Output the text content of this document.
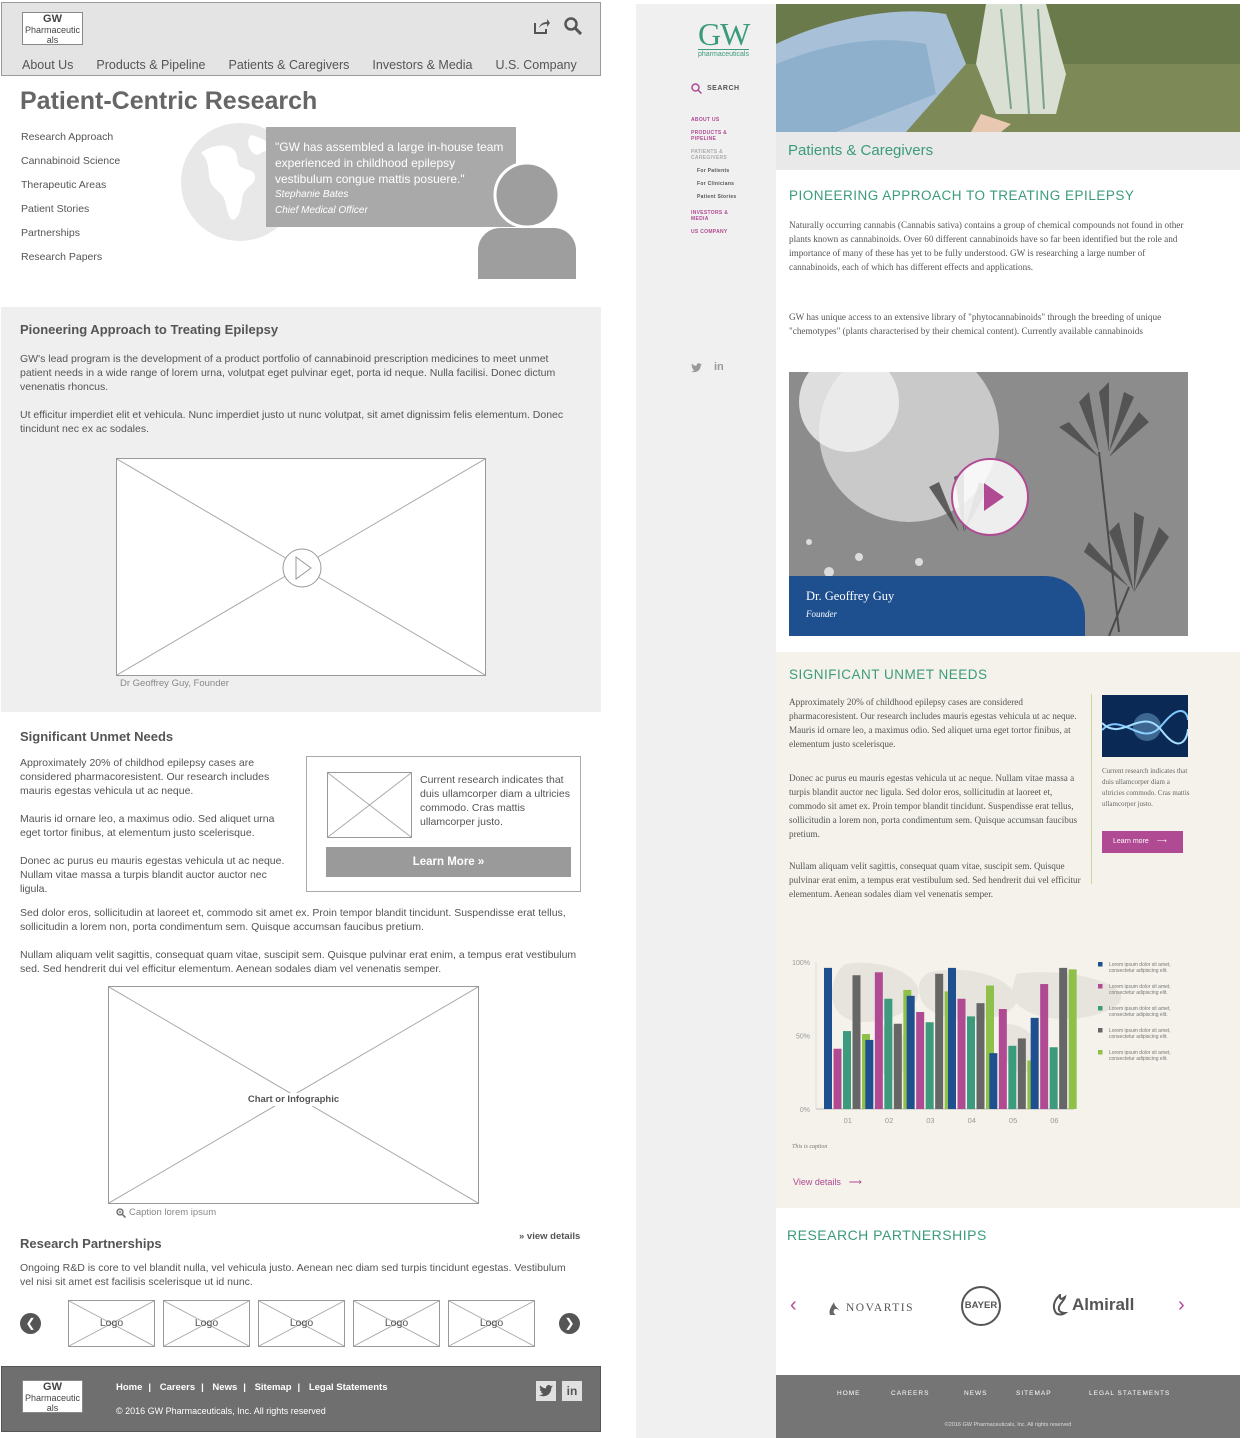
GW
Pharmaceutic
als
About Us Products & Pipeline Patients & Caregivers Investors & Media U.S. Company
Patient-Centric Research
Research Approach
Cannabinoid Science
Therapeutic Areas
Patient Stories
Partnerships
Research Papers
"GW has assembled a large in-house team experienced in childhood epilepsy vestibulum congue mattis posuere."
Stephanie Bates
Chief Medical Officer
Pioneering Approach to Treating Epilepsy
GW's lead program is the development of a product portfolio of cannabinoid prescription medicines to meet unmet patient needs in a wide range of lorem urna, volutpat eget pulvinar eget, porta id neque. Nulla facilisi. Donec dictum venenatis rhoncus.
Ut efficitur imperdiet elit et vehicula. Nunc imperdiet justo ut nunc volutpat, sit amet dignissim felis elementum. Donec tincidunt nec ex ac sodales.
Dr Geoffrey Guy, Founder
Significant Unmet Needs
Approximately 20% of childhod epilepsy cases are considered pharmacoresistent. Our research includes mauris egestas vehicula ut ac neque.
Mauris id ornare leo, a maximus odio. Sed aliquet urna eget tortor finibus, at elementum justo scelerisque.
Donec ac purus eu mauris egestas vehicula ut ac neque. Nullam vitae massa a turpis blandit auctor auctor nec ligula.
Current research indicates that duis ullamcorper diam a ultricies commodo. Cras mattis ullamcorper justo.
Learn More »
Sed dolor eros, sollicitudin at laoreet et, commodo sit amet ex. Proin tempor blandit tincidunt. Suspendisse erat tellus, sollicitudin a lorem non, porta condimentum sem. Quisque accumsan faucibus pretium.
Nullam aliquam velit sagittis, consequat quam vitae, suscipit sem. Quisque pulvinar erat enim, a tempus erat vestibulum sed. Sed hendrerit dui vel efficitur elementum. Aenean sodales diam vel venenatis semper.
Chart or Infographic
Caption lorem ipsum
» view details
Research Partnerships
Ongoing R&D is core to vel blandit nulla, vel vehicula justo. Aenean nec diam sed turpis tincidunt egestas. Vestibulum vel nisi sit amet est facilisis scelerisque ut id nunc.
❮	Logo	Logo	Logo	Logo	Logo	❯
GW
Pharmaceutic
als
Home | Careers | News | Sitemap | Legal Statements
© 2016 GW Pharmaceuticals, Inc. All rights reserved
in
GW
pharmaceuticals
SEARCH
ABOUT US
PRODUCTS & PIPELINE
PATIENTS & CAREGIVERS
For Patients
For Clinicians
Patient Stories
INVESTORS & MEDIA
US COMPANY
in
Patients & Caregivers
PIONEERING APPROACH TO TREATING EPILEPSY
Naturally occurring cannabis (Cannabis sativa) contains a group of chemical compounds not found in other plants known as cannabinoids. Over 60 different cannabinoids have so far been identified but the role and importance of many of these has yet to be fully understood. GW is researching a large number of cannabinoids, each of which has different effects and applications.
GW has unique access to an extensive library of "phytocannabinoids" through the breeding of unique "chemotypes" (plants characterised by their chemical content). Currently available cannabinoids
Dr. Geoffrey Guy
Founder
SIGNIFICANT UNMET NEEDS
Approximately 20% of childhood epilepsy cases are considered pharmacoresistent. Our research includes mauris egestas vehicula ut ac neque. Mauris id ornare leo, a maximus odio. Sed aliquet urna eget tortor finibus, at elementum justo scelerisque.
Donec ac purus eu mauris egestas vehicula ut ac neque. Nullam vitae massa a turpis blandit auctor nec ligula. Sed dolor eros, sollicitudin at laoreet et, commodo sit amet ex. Proin tempor blandit tincidunt. Suspendisse erat tellus, sollicitudin a lorem non, porta condimentum sem. Quisque accumsan faucibus pretium.
Nullam aliquam velit sagittis, consequat quam vitae, suscipit sem. Quisque pulvinar erat enim, a tempus erat vestibulum sed. Sed hendrerit dui vel efficitur elementum. Aenean sodales diam vel venenatis semper.
Current research indicates that duis ullamcorper diam a ultricies commodo. Cras mattis ullamcorper justo.
Learn more ⟶
100%
50%
0%
01	02	03	04	05	06
Lorem ipsum dolor sit amet, consectetur adipiscing elit.
Lorem ipsum dolor sit amet, consectetur adipiscing elit.
Lorem ipsum dolor sit amet, consectetur adipiscing elit.
Lorem ipsum dolor sit amet, consectetur adipiscing elit.
Lorem ipsum dolor sit amet, consectetur adipiscing elit.
This is caption
View details ⟶
RESEARCH PARTNERSHIPS
‹	NOVARTIS	BAYER	Almirall ›
HOME	CAREERS	NEWS	SITEMAP	LEGAL STATEMENTS
©2016 GW Pharmaceuticals, Inc. All rights reserved
